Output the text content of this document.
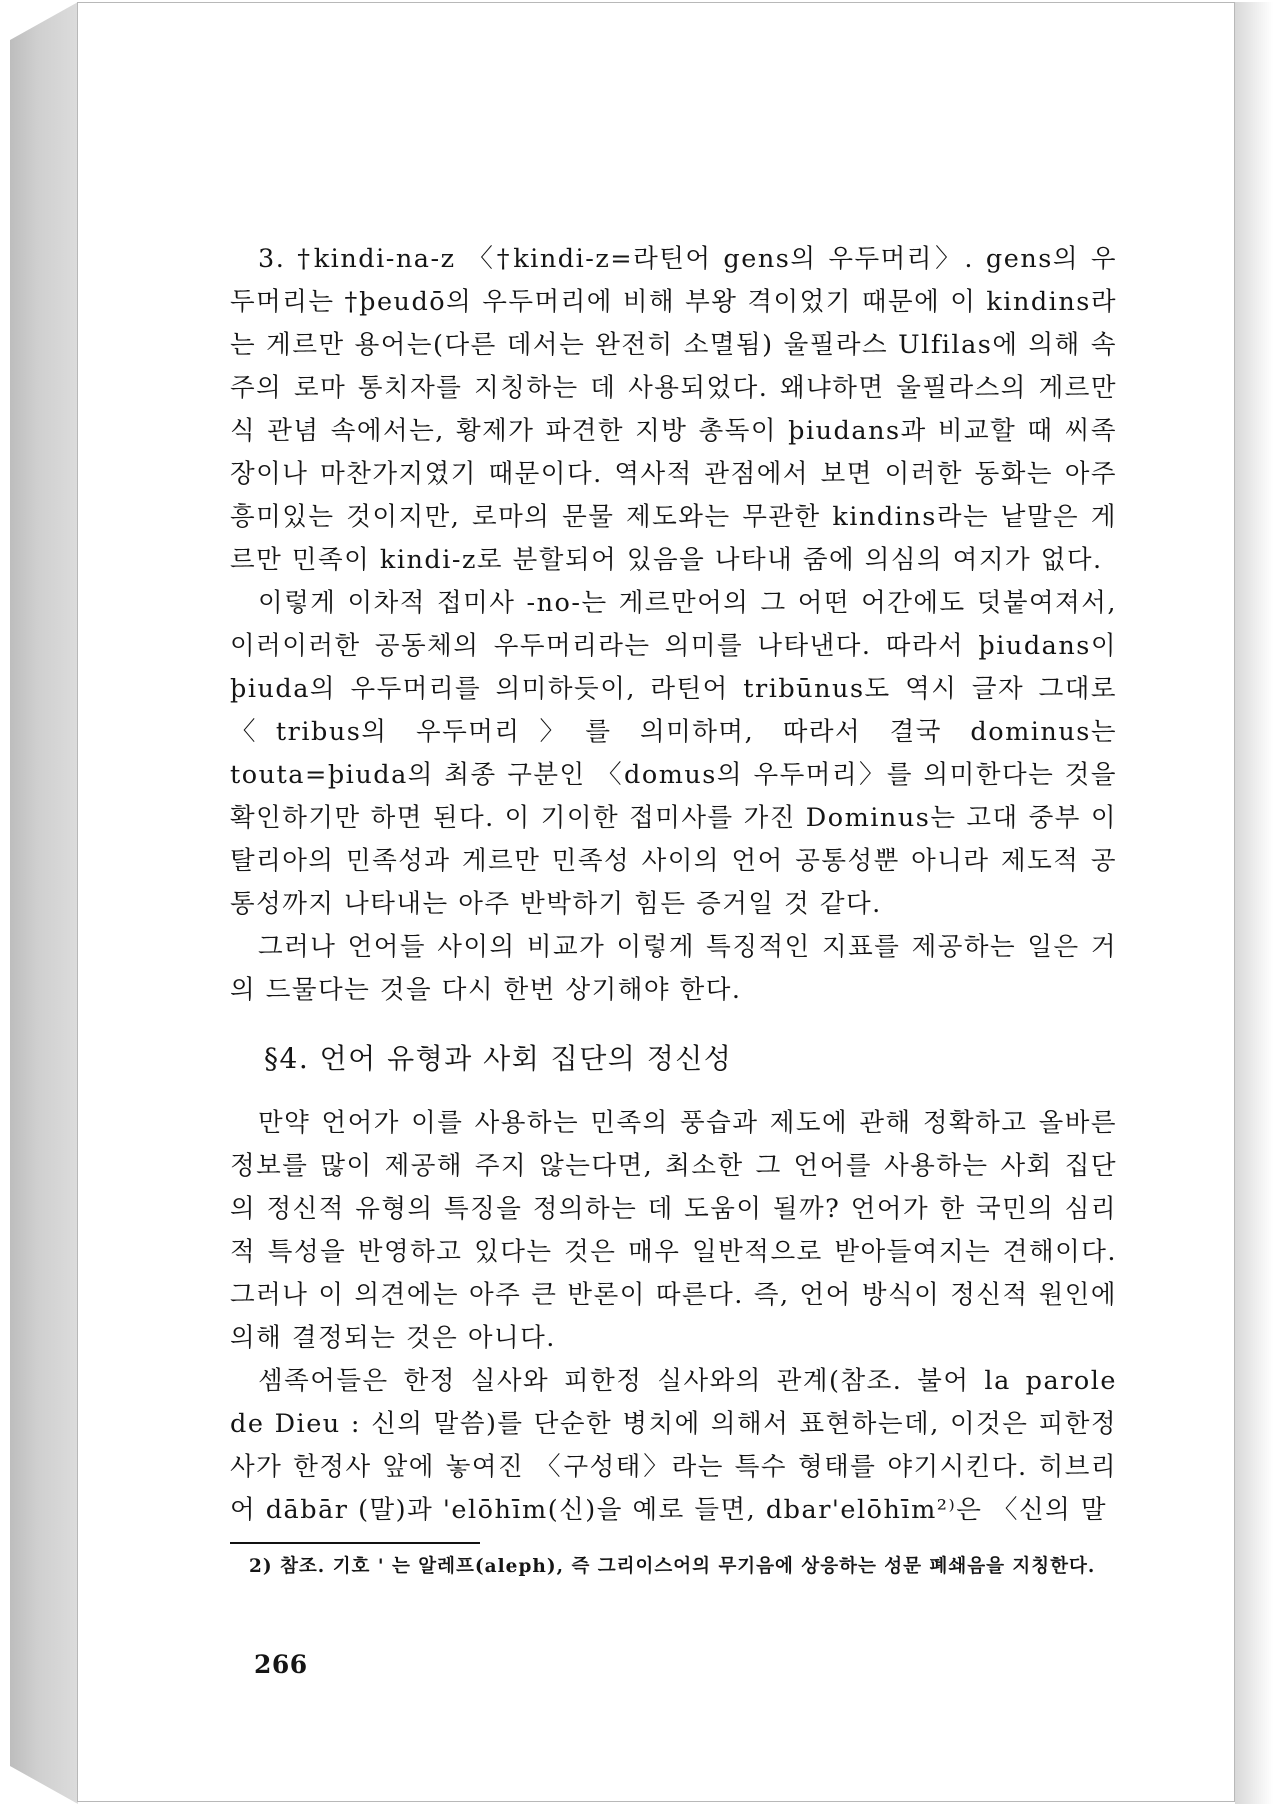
3. †kindi-na-z 〈†kindi-z=라틴어 gens의 우두머리〉. gens의 우두머리는 †þeudō의 우두머리에 비해 부왕 격이었기 때문에 이 kindins라는 게르만 용어는(다른 데서는 완전히 소멸됨) 울필라스 Ulfilas에 의해 속주의 로마 통치자를 지칭하는 데 사용되었다. 왜냐하면 울필라스의 게르만식 관념 속에서는, 황제가 파견한 지방 총독이 þiudans과 비교할 때 씨족장이나 마찬가지였기 때문이다. 역사적 관점에서 보면 이러한 동화는 아주 흥미있는 것이지만, 로마의 문물 제도와는 무관한 kindins라는 낱말은 게르만 민족이 kindi-z로 분할되어 있음을 나타내 줌에 의심의 여지가 없다.

이렇게 이차적 접미사 -no-는 게르만어의 그 어떤 어간에도 덧붙여져서, 이러이러한 공동체의 우두머리라는 의미를 나타낸다. 따라서 þiudans이 þiuda의 우두머리를 의미하듯이, 라틴어 tribūnus도 역시 글자 그대로 〈tribus의 우두머리〉를 의미하며, 따라서 결국 dominus는 touta=þiuda의 최종 구분인 〈domus의 우두머리〉를 의미한다는 것을 확인하기만 하면 된다. 이 기이한 접미사를 가진 Dominus는 고대 중부 이탈리아의 민족성과 게르만 민족성 사이의 언어 공통성뿐 아니라 제도적 공통성까지 나타내는 아주 반박하기 힘든 증거일 것 같다.

그러나 언어들 사이의 비교가 이렇게 특징적인 지표를 제공하는 일은 거의 드물다는 것을 다시 한번 상기해야 한다.

§4. 언어 유형과 사회 집단의 정신성

만약 언어가 이를 사용하는 민족의 풍습과 제도에 관해 정확하고 올바른 정보를 많이 제공해 주지 않는다면, 최소한 그 언어를 사용하는 사회 집단의 정신적 유형의 특징을 정의하는 데 도움이 될까? 언어가 한 국민의 심리적 특성을 반영하고 있다는 것은 매우 일반적으로 받아들여지는 견해이다. 그러나 이 의견에는 아주 큰 반론이 따른다. 즉, 언어 방식이 정신적 원인에 의해 결정되는 것은 아니다.

셈족어들은 한정 실사와 피한정 실사와의 관계(참조. 불어 la parole de Dieu : 신의 말씀)를 단순한 병치에 의해서 표현하는데, 이것은 피한정사가 한정사 앞에 놓여진 〈구성태〉라는 특수 형태를 야기시킨다. 히브리어 dābār (말)과 'elōhīm(신)을 예로 들면, dbar'elōhīm²⁾은 〈신의 말

2) 참조. 기호 ' 는 알레프(aleph), 즉 그리이스어의 무기음에 상응하는 성문 폐쇄음을 지칭한다.

266
